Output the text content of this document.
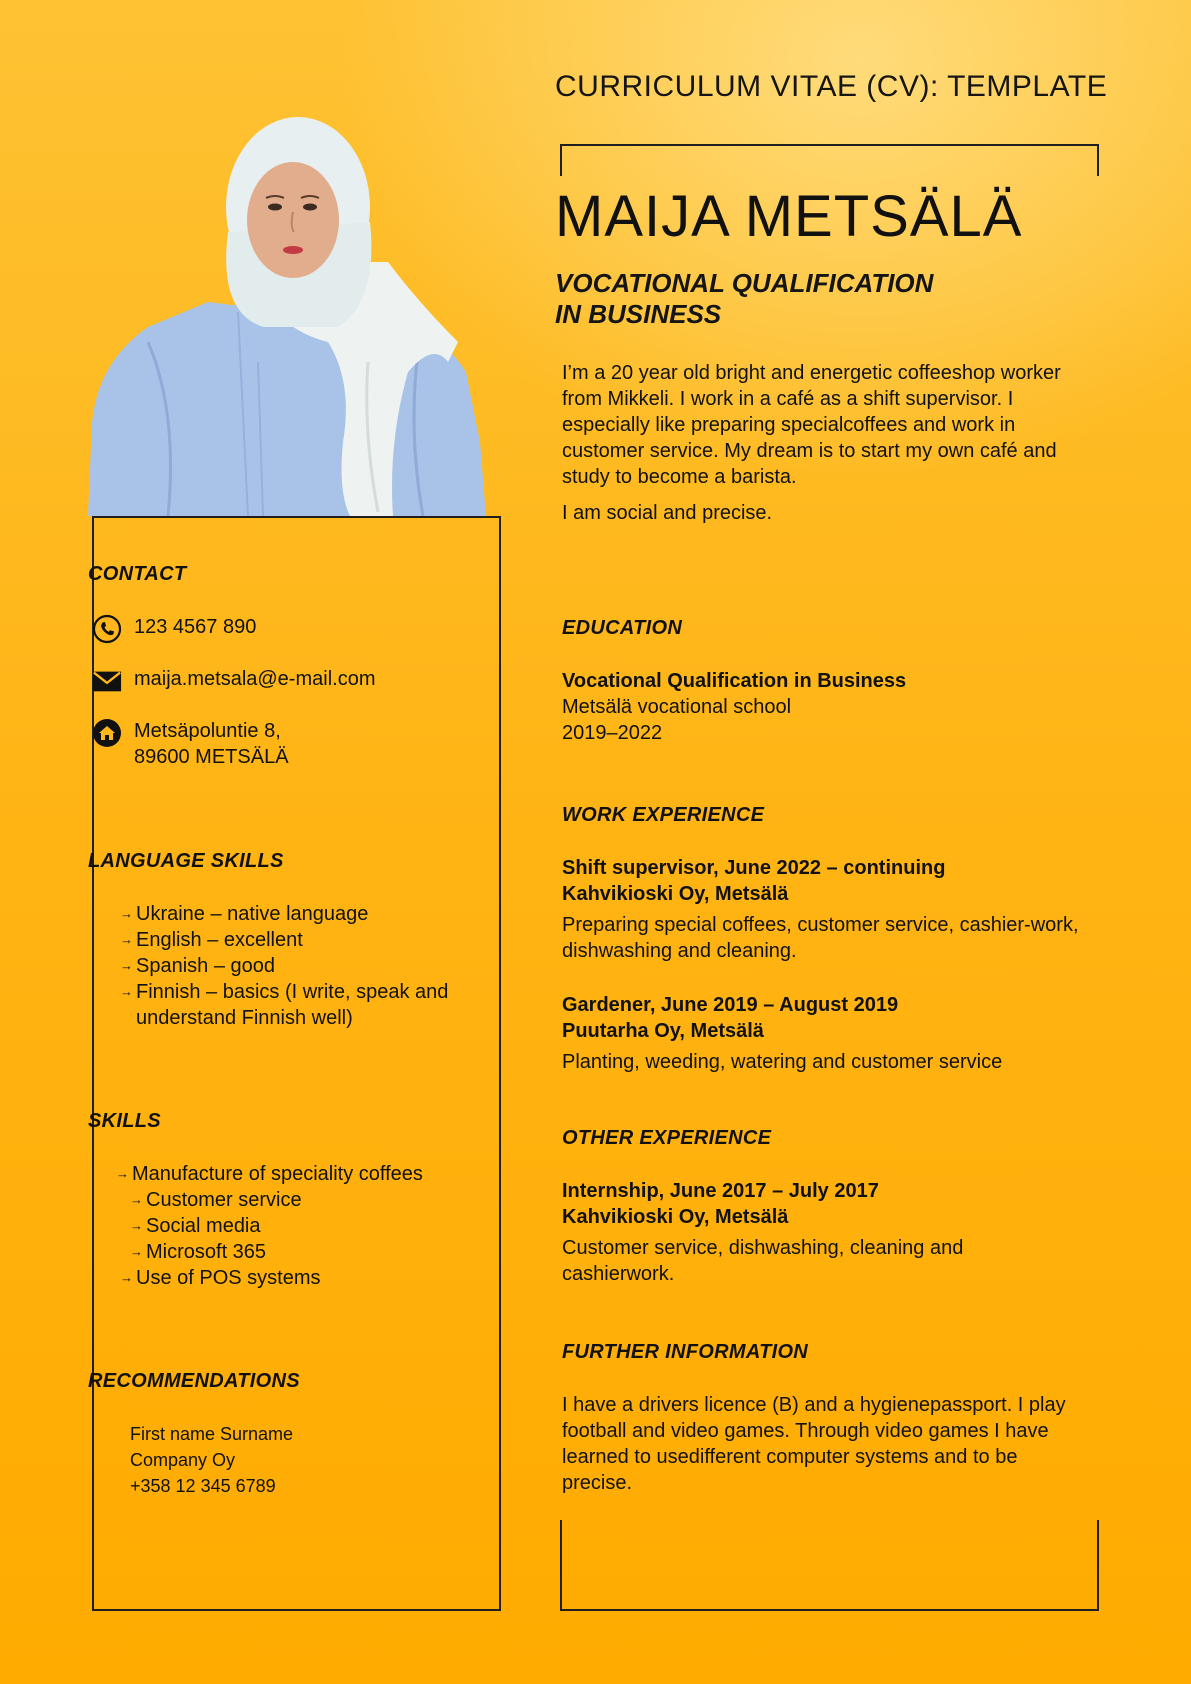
CURRICULUM VITAE (CV): TEMPLATE
MAIJA METSÄLÄ
VOCATIONAL QUALIFICATION
IN BUSINESS

I’m a 20 year old bright and energetic coffeeshop worker from Mikkeli. I work in a café as a shift supervisor. I especially like preparing specialcoffees and work in customer service. My dream is to start my own café and study to become a barista.

I am social and precise.

CONTACT
123 4567 890
maija.metsala@e-mail.com
Metsäpoluntie 8,
89600 METSÄLÄ
LANGUAGE SKILLS
→ Ukraine – native language
→ English – excellent
→ Spanish – good
→ Finnish – basics (I write, speak and understand Finnish well)
SKILLS
→ Manufacture of speciality coffees
→ Customer service
→ Social media
→ Microsoft 365
→ Use of POS systems
RECOMMENDATIONS
First name Surname
Company Oy
+358 12 345 6789
EDUCATION
Vocational Qualification in Business
Metsälä vocational school
2019–2022
WORK EXPERIENCE
Shift supervisor, June 2022 – continuing
Kahvikioski Oy, Metsälä
Preparing special coffees, customer service, cashier-work, dishwashing and cleaning.
Gardener, June 2019 – August 2019
Puutarha Oy, Metsälä
Planting, weeding, watering and customer service
OTHER EXPERIENCE
Internship, June 2017 – July 2017
Kahvikioski Oy, Metsälä
Customer service, dishwashing, cleaning and cashierwork.
FURTHER INFORMATION
I have a drivers licence (B) and a hygienepassport. I play football and video games. Through video games I have learned to usedifferent computer systems and to be precise.
